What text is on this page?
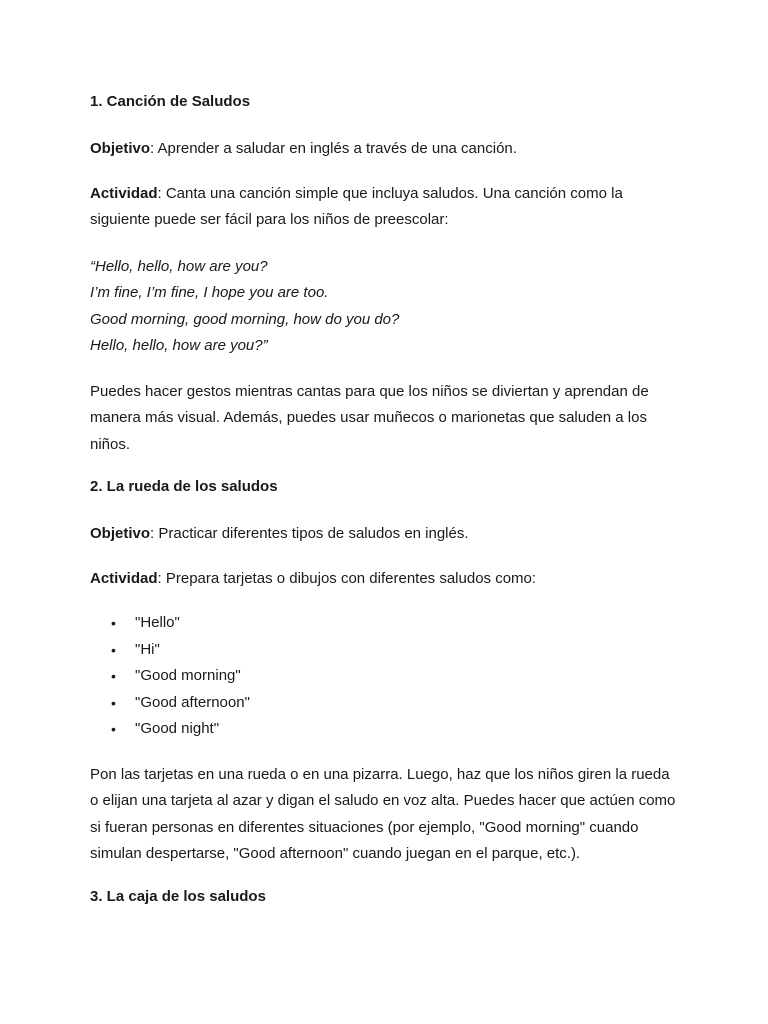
1. Canción de Saludos

Objetivo: Aprender a saludar en inglés a través de una canción.

Actividad: Canta una canción simple que incluya saludos. Una canción como la siguiente puede ser fácil para los niños de preescolar:

“Hello, hello, how are you?

I’m fine, I’m fine, I hope you are too.

Good morning, good morning, how do you do?

Hello, hello, how are you?”

Puedes hacer gestos mientras cantas para que los niños se diviertan y aprendan de manera más visual. Además, puedes usar muñecos o marionetas que saluden a los niños.

2. La rueda de los saludos

Objetivo: Practicar diferentes tipos de saludos en inglés.

Actividad: Prepara tarjetas o dibujos con diferentes saludos como:

• "Hello"
• "Hi"
• "Good morning"
• "Good afternoon"
• "Good night"

Pon las tarjetas en una rueda o en una pizarra. Luego, haz que los niños giren la rueda o elijan una tarjeta al azar y digan el saludo en voz alta. Puedes hacer que actúen como si fueran personas en diferentes situaciones (por ejemplo, "Good morning" cuando simulan despertarse, "Good afternoon" cuando juegan en el parque, etc.).

3. La caja de los saludos
